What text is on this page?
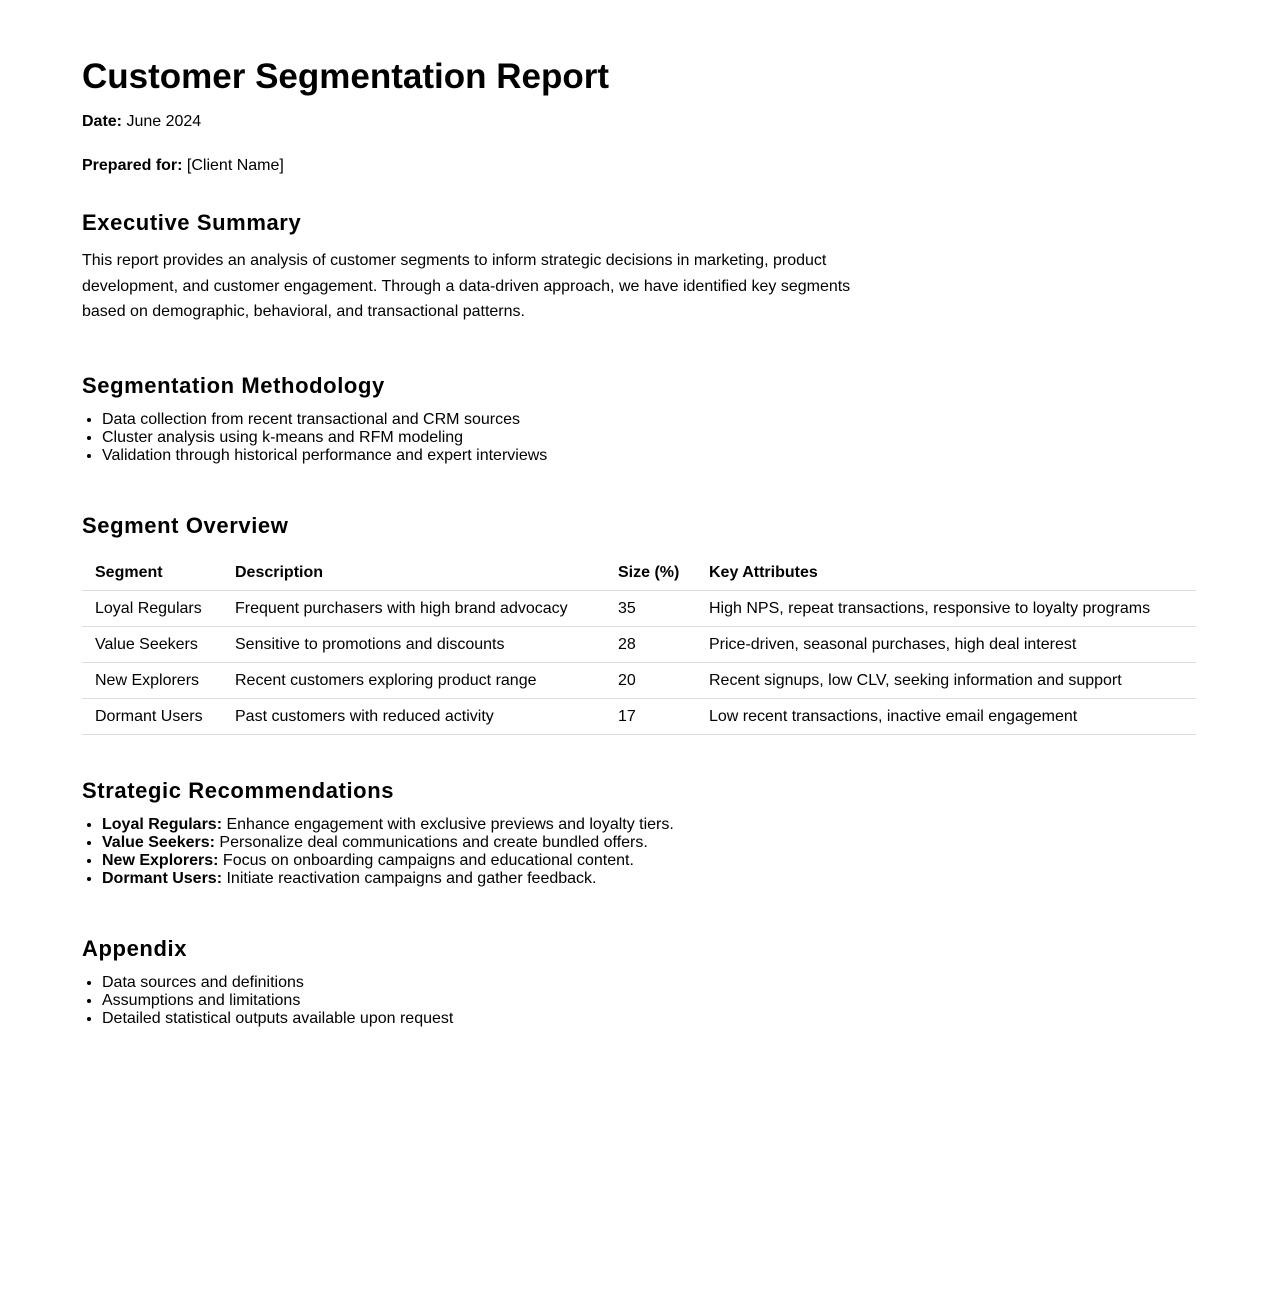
Customer Segmentation Report

Date: June 2024

Prepared for: [Client Name]

Executive Summary

This report provides an analysis of customer segments to inform strategic decisions in marketing, product development, and customer engagement. Through a data-driven approach, we have identified key segments based on demographic, behavioral, and transactional patterns.

Segmentation Methodology
• Data collection from recent transactional and CRM sources
• Cluster analysis using k-means and RFM modeling
• Validation through historical performance and expert interviews
Segment Overview
Segment	Description	Size (%)	Key Attributes
Loyal Regulars	Frequent purchasers with high brand advocacy	35	High NPS, repeat transactions, responsive to loyalty programs
Value Seekers	Sensitive to promotions and discounts	28	Price-driven, seasonal purchases, high deal interest
New Explorers	Recent customers exploring product range	20	Recent signups, low CLV, seeking information and support
Dormant Users	Past customers with reduced activity	17	Low recent transactions, inactive email engagement
Strategic Recommendations
• Loyal Regulars: Enhance engagement with exclusive previews and loyalty tiers.
• Value Seekers: Personalize deal communications and create bundled offers.
• New Explorers: Focus on onboarding campaigns and educational content.
• Dormant Users: Initiate reactivation campaigns and gather feedback.
Appendix
• Data sources and definitions
• Assumptions and limitations
• Detailed statistical outputs available upon request
